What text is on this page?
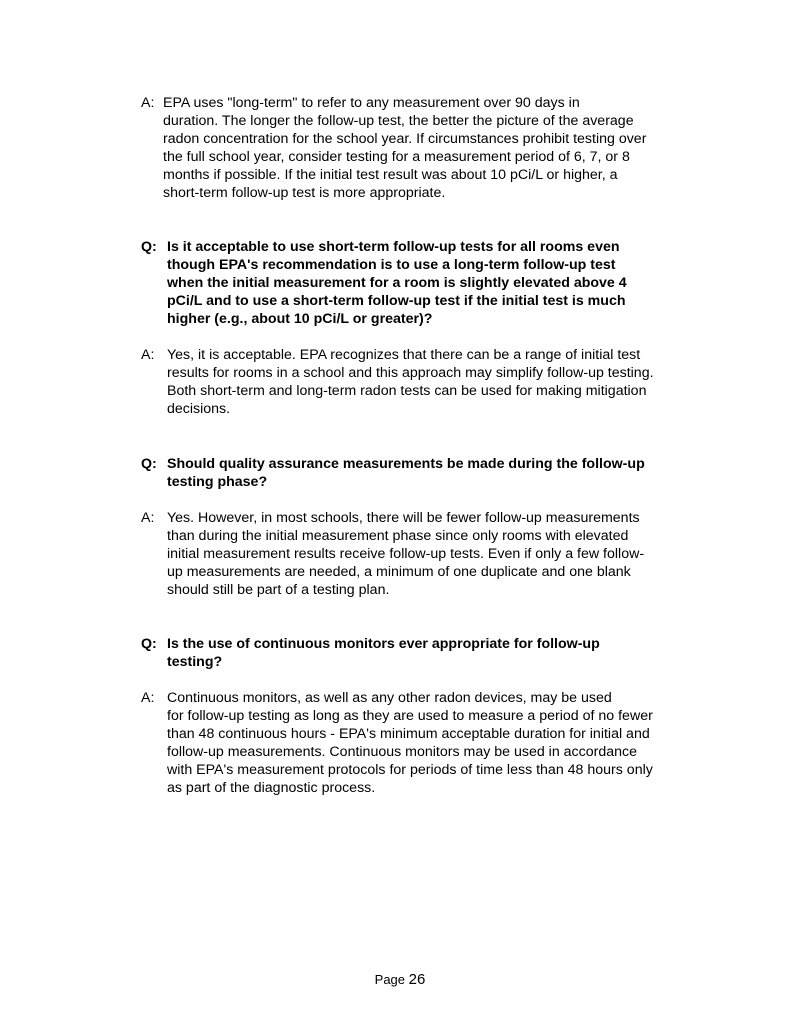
A: EPA uses "long-term" to refer to any measurement over 90 days in
duration. The longer the follow-up test, the better the picture of the average
radon concentration for the school year. If circumstances prohibit testing over
the full school year, consider testing for a measurement period of 6, 7, or 8
months if possible. If the initial test result was about 10 pCi/L or higher, a
short-term follow-up test is more appropriate.
Q: Is it acceptable to use short-term follow-up tests for all rooms even
though EPA's recommendation is to use a long-term follow-up test
when the initial measurement for a room is slightly elevated above 4
pCi/L and to use a short-term follow-up test if the initial test is much
higher (e.g., about 10 pCi/L or greater)?
A: Yes, it is acceptable. EPA recognizes that there can be a range of initial test
results for rooms in a school and this approach may simplify follow-up testing.
Both short-term and long-term radon tests can be used for making mitigation
decisions.
Q: Should quality assurance measurements be made during the follow-up
testing phase?
A: Yes. However, in most schools, there will be fewer follow-up measurements
than during the initial measurement phase since only rooms with elevated
initial measurement results receive follow-up tests. Even if only a few follow-
up measurements are needed, a minimum of one duplicate and one blank
should still be part of a testing plan.
Q: Is the use of continuous monitors ever appropriate for follow-up
testing?
A: Continuous monitors, as well as any other radon devices, may be used
for follow-up testing as long as they are used to measure a period of no fewer
than 48 continuous hours - EPA's minimum acceptable duration for initial and
follow-up measurements. Continuous monitors may be used in accordance
with EPA's measurement protocols for periods of time less than 48 hours only
as part of the diagnostic process.
Page 26
